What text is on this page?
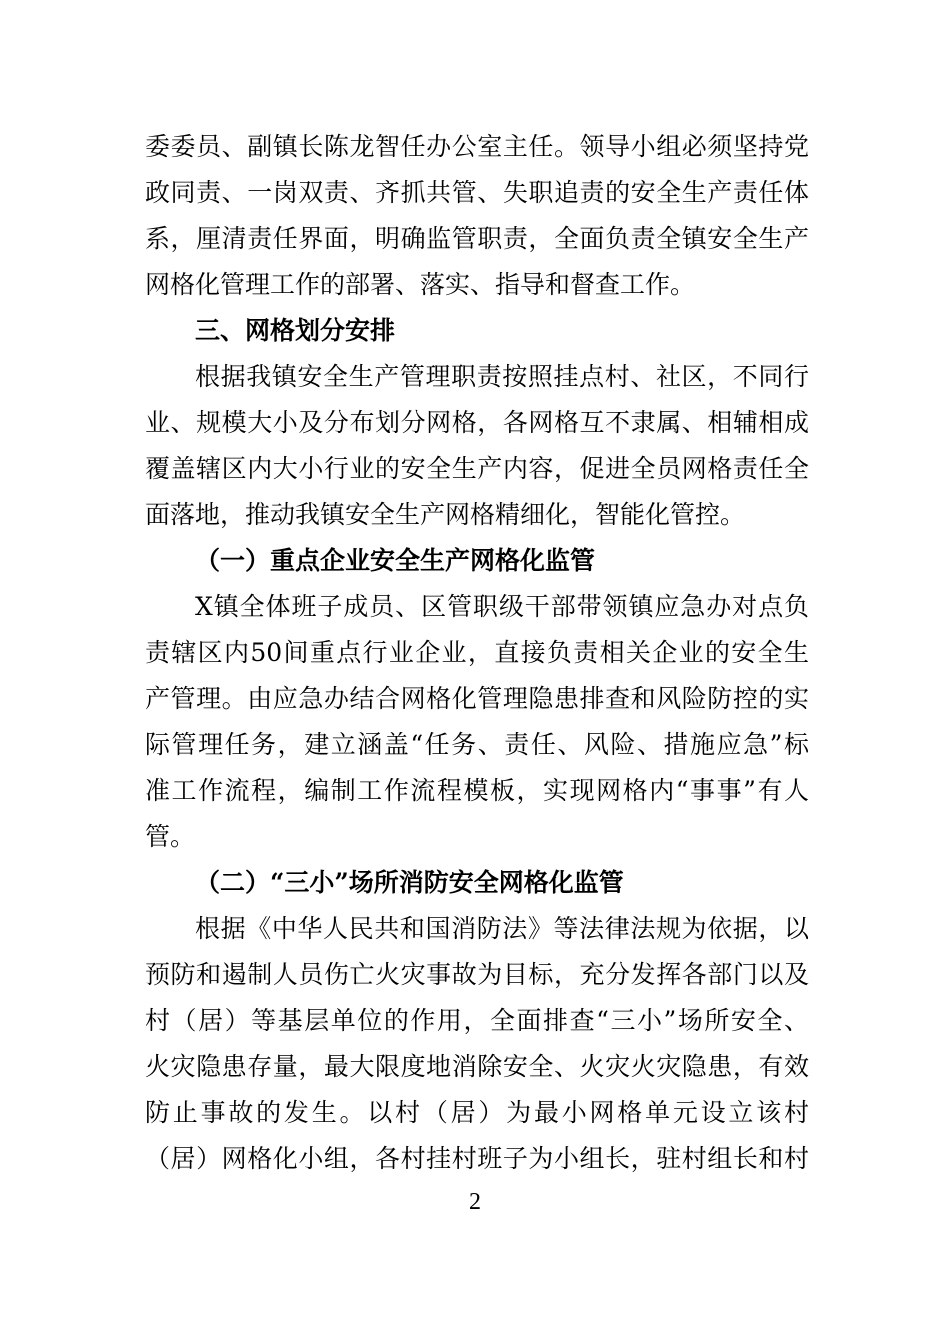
委委员、副镇长陈龙智任办公室主任。领导小组必须坚持党
政同责、一岗双责、齐抓共管、失职追责的安全生产责任体
系，厘清责任界面，明确监管职责，全面负责全镇安全生产
网格化管理工作的部署、落实、指导和督查工作。
三、网格划分安排
根据我镇安全生产管理职责按照挂点村、社区，不同行
业、规模大小及分布划分网格，各网格互不隶属、相辅相成
覆盖辖区内大小行业的安全生产内容，促进全员网格责任全
面落地，推动我镇安全生产网格精细化，智能化管控。
（一）重点企业安全生产网格化监管
X镇全体班子成员、区管职级干部带领镇应急办对点负
责辖区内50间重点行业企业，直接负责相关企业的安全生
产管理。由应急办结合网格化管理隐患排查和风险防控的实
际管理任务，建立涵盖“任务、责任、风险、措施应急”标
准工作流程，编制工作流程模板，实现网格内“事事”有人
管。
（二）“三小”场所消防安全网格化监管
根据《中华人民共和国消防法》等法律法规为依据，以
预防和遏制人员伤亡火灾事故为目标，充分发挥各部门以及
村（居）等基层单位的作用，全面排查“三小”场所安全、
火灾隐患存量，最大限度地消除安全、火灾火灾隐患，有效
防止事故的发生。以村（居）为最小网格单元设立该村
（居）网格化小组，各村挂村班子为小组长，驻村组长和村
2
